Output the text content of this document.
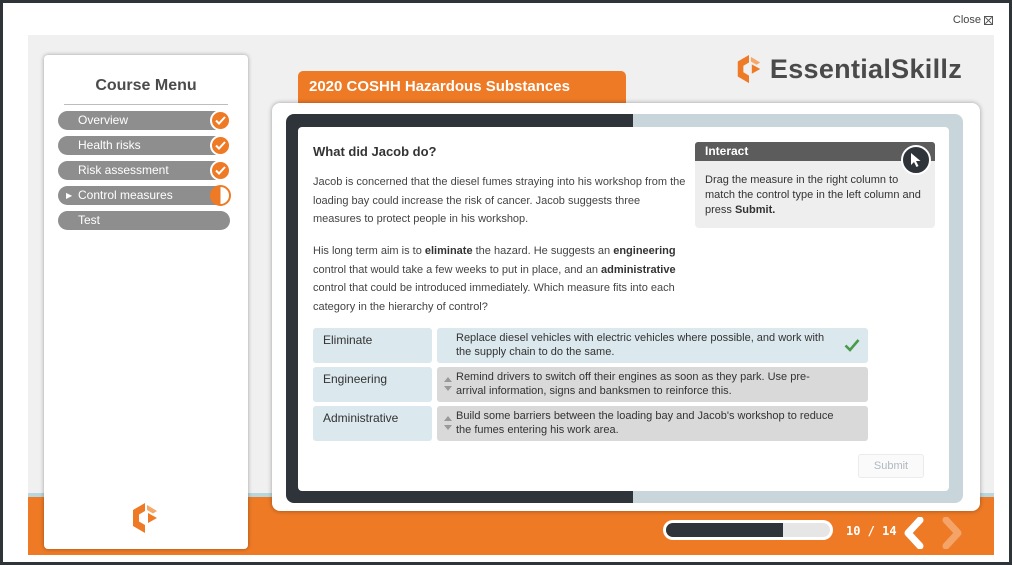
Close
Course Menu
Overview
Health risks
Risk assessment
▶ Control measures
Test
EssentialSkillz
2020 COSHH Hazardous Substances
What did Jacob do?
Jacob is concerned that the diesel fumes straying into his workshop from the loading bay could increase the risk of cancer. Jacob suggests three measures to protect people in his workshop.
His long term aim is to eliminate the hazard. He suggests an engineering control that would take a few weeks to put in place, and an administrative control that could be introduced immediately. Which measure fits into each category in the hierarchy of control?
Interact
Drag the measure in the right column to match the control type in the left column and press Submit.
Eliminate	Replace diesel vehicles with electric vehicles where possible, and work with the supply chain to do the same.
Engineering	Remind drivers to switch off their engines as soon as they park. Use pre-arrival information, signs and banksmen to reinforce this.
Administrative	Build some barriers between the loading bay and Jacob's workshop to reduce the fumes entering his work area.
Submit
10 / 14
